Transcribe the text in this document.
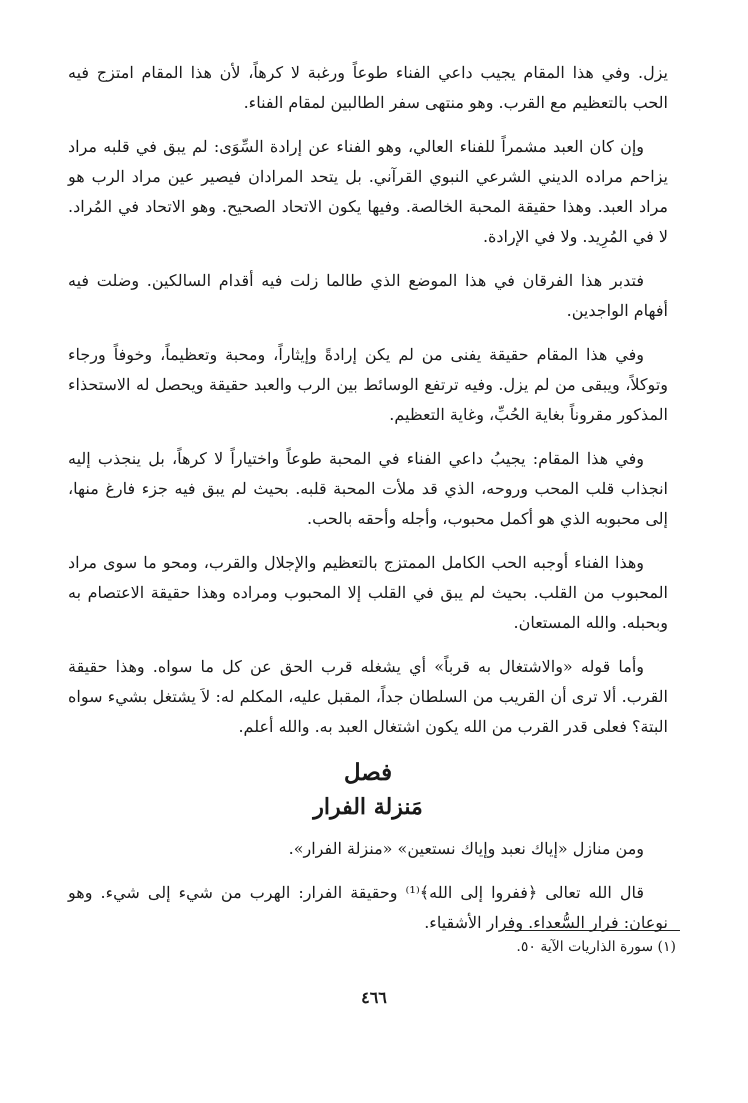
يزل. وفي هذا المقام يجيب داعي الفناء طوعاً ورغبة لا كرهاً، لأن هذا المقام امتزج فيه الحب بالتعظيم مع القرب. وهو منتهى سفر الطالبين لمقام الفناء.

وإن كان العبد مشمراً للفناء العالي، وهو الفناء عن إرادة السِّوَى: لم يبق في قلبه مراد يزاحم مراده الديني الشرعي النبوي القرآني. بل يتحد المرادان فيصير عين مراد الرب هو مراد العبد. وهذا حقيقة المحبة الخالصة. وفيها يكون الاتحاد الصحيح. وهو الاتحاد في المُراد. لا في المُرِيد. ولا في الإرادة.

فتدبر هذا الفرقان في هذا الموضع الذي طالما زلت فيه أقدام السالكين. وضلت فيه أفهام الواجدين.

وفي هذا المقام حقيقة يفنى من لم يكن إرادةً وإيثاراً، ومحبة وتعظيماً، وخوفاً ورجاء وتوكلاً، ويبقى من لم يزل. وفيه ترتفع الوسائط بين الرب والعبد حقيقة ويحصل له الاستحذاء المذكور مقروناً بغاية الحُبِّ، وغاية التعظيم.

وفي هذا المقام: يجيبُ داعي الفناء في المحبة طوعاً واختياراً لا كرهاً، بل ينجذب إليه انجذاب قلب المحب وروحه، الذي قد ملأت المحبة قلبه. بحيث لم يبق فيه جزء فارغ منها، إلى محبوبه الذي هو أكمل محبوب، وأجله وأحقه بالحب.

وهذا الفناء أوجبه الحب الكامل الممتزج بالتعظيم والإجلال والقرب، ومحو ما سوى مراد المحبوب من القلب. بحيث لم يبق في القلب إلا المحبوب ومراده وهذا حقيقة الاعتصام به وبحبله. والله المستعان.

وأما قوله «والاشتغال به قرباً» أي يشغله قرب الحق عن كل ما سواه. وهذا حقيقة القرب. ألا ترى أن القريب من السلطان جداً، المقبل عليه، المكلم له: لاَ يشتغل بشيء سواه البتة؟ فعلى قدر القرب من الله يكون اشتغال العبد به. والله أعلم.

فصل
مَنزلة الفرار

ومن منازل «إياك نعبد وإياك نستعين» «منزلة الفرار».

قال الله تعالى ﴿ففروا إلى الله﴾⁽¹⁾ وحقيقة الفرار: الهرب من شيء إلى شيء. وهو نوعان: فرار السُّعداء. وفرار الأشقياء.

(١) سورة الذاريات الآية ٥٠.

٤٦٦
